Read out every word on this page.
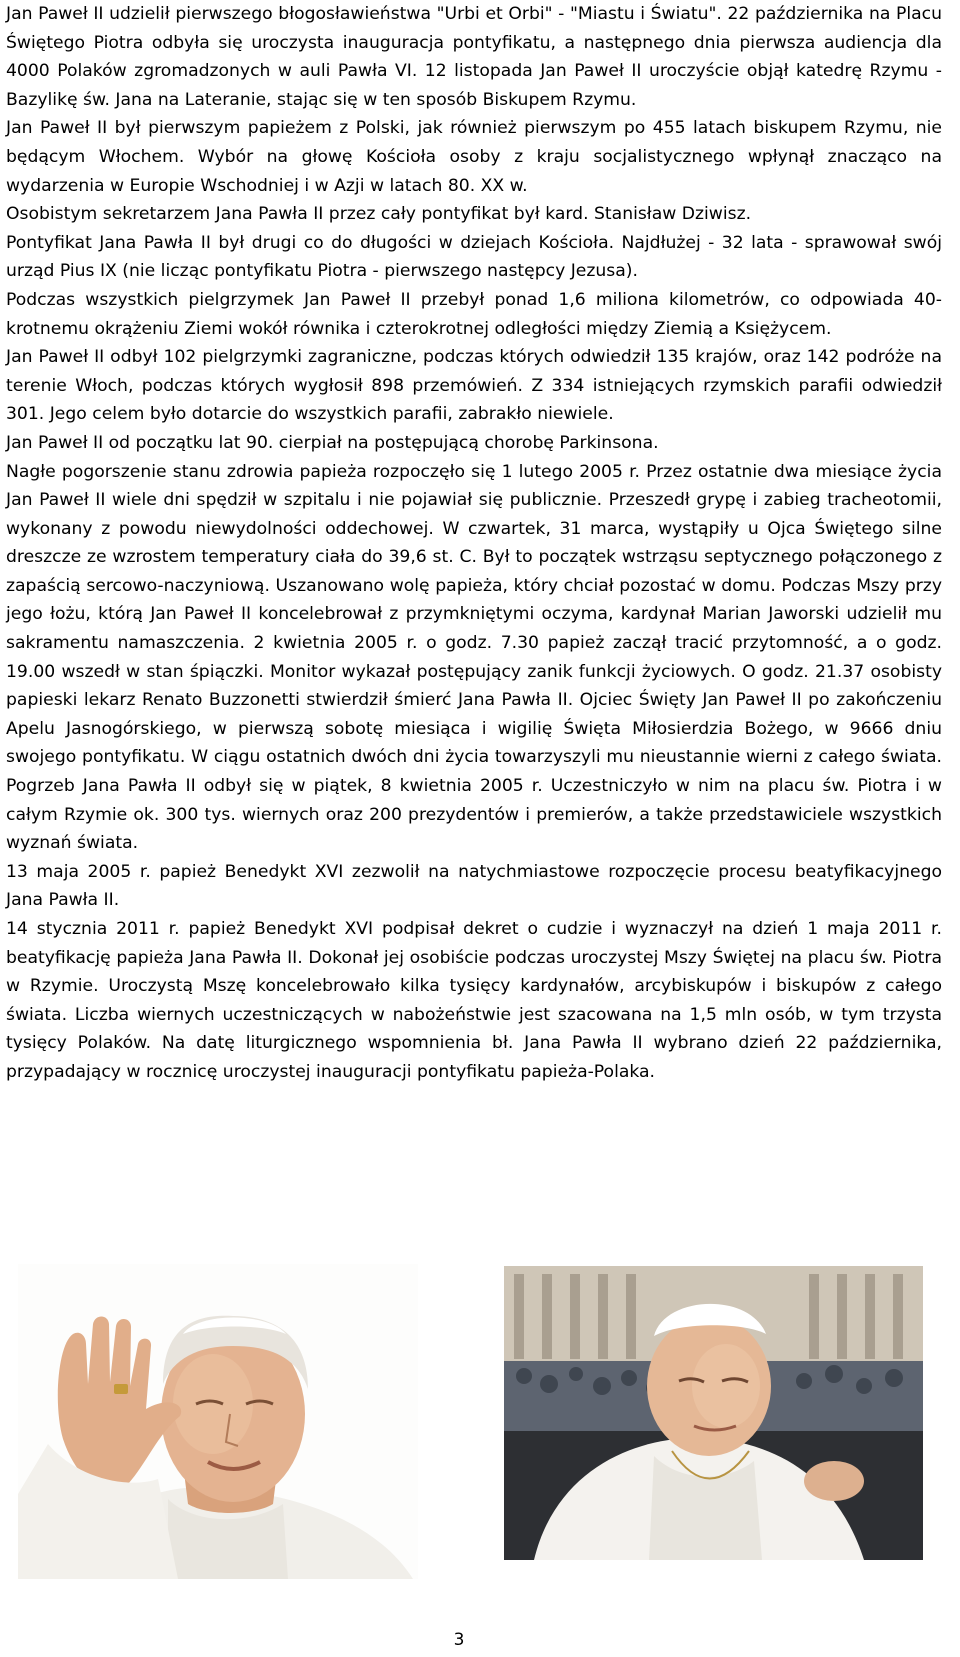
Jan Paweł II udzielił pierwszego błogosławieństwa "Urbi et Orbi" - "Miastu i Światu". 22 października na Placu Świętego Piotra odbyła się uroczysta inauguracja pontyfikatu, a następnego dnia pierwsza audiencja dla 4000 Polaków zgromadzonych w auli Pawła VI. 12 listopada Jan Paweł II uroczyście objął katedrę Rzymu - Bazylikę św. Jana na Lateranie, stając się w ten sposób Biskupem Rzymu.

Jan Paweł II był pierwszym papieżem z Polski, jak również pierwszym po 455 latach biskupem Rzymu, nie będącym Włochem. Wybór na głowę Kościoła osoby z kraju socjalistycznego wpłynął znacząco na wydarzenia w Europie Wschodniej i w Azji w latach 80. XX w.

Osobistym sekretarzem Jana Pawła II przez cały pontyfikat był kard. Stanisław Dziwisz.

Pontyfikat Jana Pawła II był drugi co do długości w dziejach Kościoła. Najdłużej - 32 lata - sprawował swój urząd Pius IX (nie licząc pontyfikatu Piotra - pierwszego następcy Jezusa).

Podczas wszystkich pielgrzymek Jan Paweł II przebył ponad 1,6 miliona kilometrów, co odpowiada 40-krotnemu okrążeniu Ziemi wokół równika i czterokrotnej odległości między Ziemią a Księżycem.

Jan Paweł II odbył 102 pielgrzymki zagraniczne, podczas których odwiedził 135 krajów, oraz 142 podróże na terenie Włoch, podczas których wygłosił 898 przemówień. Z 334 istniejących rzymskich parafii odwiedził 301. Jego celem było dotarcie do wszystkich parafii, zabrakło niewiele.

Jan Paweł II od początku lat 90. cierpiał na postępującą chorobę Parkinsona.

Nagłe pogorszenie stanu zdrowia papieża rozpoczęło się 1 lutego 2005 r. Przez ostatnie dwa miesiące życia Jan Paweł II wiele dni spędził w szpitalu i nie pojawiał się publicznie. Przeszedł grypę i zabieg tracheotomii, wykonany z powodu niewydolności oddechowej. W czwartek, 31 marca, wystąpiły u Ojca Świętego silne dreszcze ze wzrostem temperatury ciała do 39,6 st. C. Był to początek wstrząsu septycznego połączonego z zapaścią sercowo-naczyniową. Uszanowano wolę papieża, który chciał pozostać w domu. Podczas Mszy przy jego łożu, którą Jan Paweł II koncelebrował z przymkniętymi oczyma, kardynał Marian Jaworski udzielił mu sakramentu namaszczenia. 2 kwietnia 2005 r. o godz. 7.30 papież zaczął tracić przytomność, a o godz. 19.00 wszedł w stan śpiączki. Monitor wykazał postępujący zanik funkcji życiowych. O godz. 21.37 osobisty papieski lekarz Renato Buzzonetti stwierdził śmierć Jana Pawła II. Ojciec Święty Jan Paweł II po zakończeniu Apelu Jasnogórskiego, w pierwszą sobotę miesiąca i wigilię Święta Miłosierdzia Bożego, w 9666 dniu swojego pontyfikatu. W ciągu ostatnich dwóch dni życia towarzyszyli mu nieustannie wierni z całego świata. Pogrzeb Jana Pawła II odbył się w piątek, 8 kwietnia 2005 r. Uczestniczyło w nim na placu św. Piotra i w całym Rzymie ok. 300 tys. wiernych oraz 200 prezydentów i premierów, a także przedstawiciele wszystkich wyznań świata.

13 maja 2005 r. papież Benedykt XVI zezwolił na natychmiastowe rozpoczęcie procesu beatyfikacyjnego Jana Pawła II.

14 stycznia 2011 r. papież Benedykt XVI podpisał dekret o cudzie i wyznaczył na dzień 1 maja 2011 r. beatyfikację papieża Jana Pawła II. Dokonał jej osobiście podczas uroczystej Mszy Świętej na placu św. Piotra w Rzymie. Uroczystą Mszę koncelebrowało kilka tysięcy kardynałów, arcybiskupów i biskupów z całego świata. Liczba wiernych uczestniczących w nabożeństwie jest szacowana na 1,5 mln osób, w tym trzysta tysięcy Polaków. Na datę liturgicznego wspomnienia bł. Jana Pawła II wybrano dzień 22 października, przypadający w rocznicę uroczystej inauguracji pontyfikatu papieża-Polaka.

3
